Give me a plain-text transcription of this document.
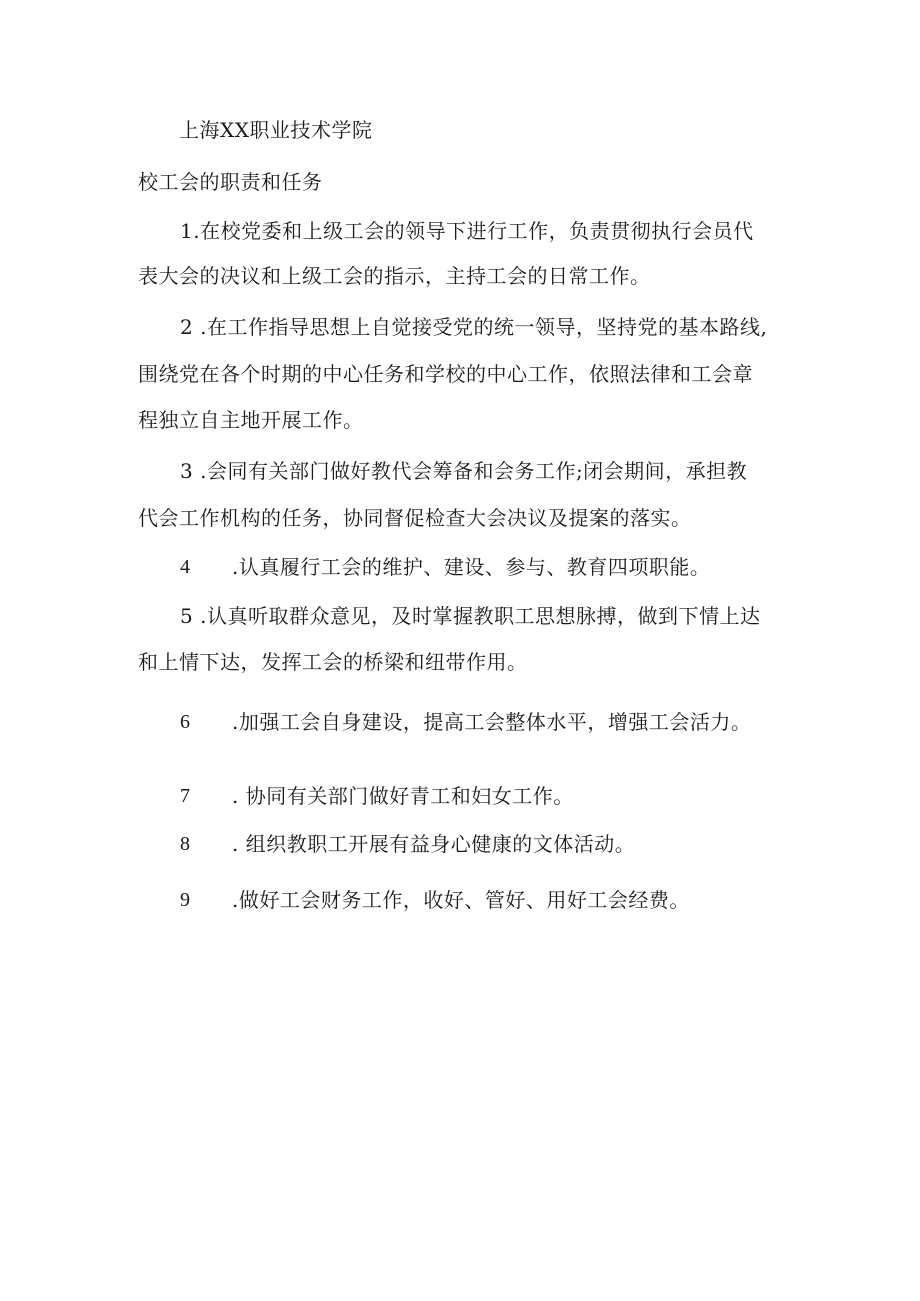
上海XX职业技术学院
校工会的职责和任务
1.在校党委和上级工会的领导下进行工作，负责贯彻执行会员代
表大会的决议和上级工会的指示，主持工会的日常工作。
2 .在工作指导思想上自觉接受党的统一领导，坚持党的基本路线,
围绕党在各个时期的中心任务和学校的中心工作，依照法律和工会章
程独立自主地开展工作。
3 .会同有关部门做好教代会筹备和会务工作;闭会期间，承担教
代会工作机构的任务，协同督促检查大会决议及提案的落实。
4 .认真履行工会的维护、建设、参与、教育四项职能。
5 .认真听取群众意见，及时掌握教职工思想脉搏，做到下情上达
和上情下达，发挥工会的桥梁和纽带作用。
6 .加强工会自身建设，提高工会整体水平，增强工会活力。
7 . 协同有关部门做好青工和妇女工作。
8 . 组织教职工开展有益身心健康的文体活动。
9 .做好工会财务工作，收好、管好、用好工会经费。
